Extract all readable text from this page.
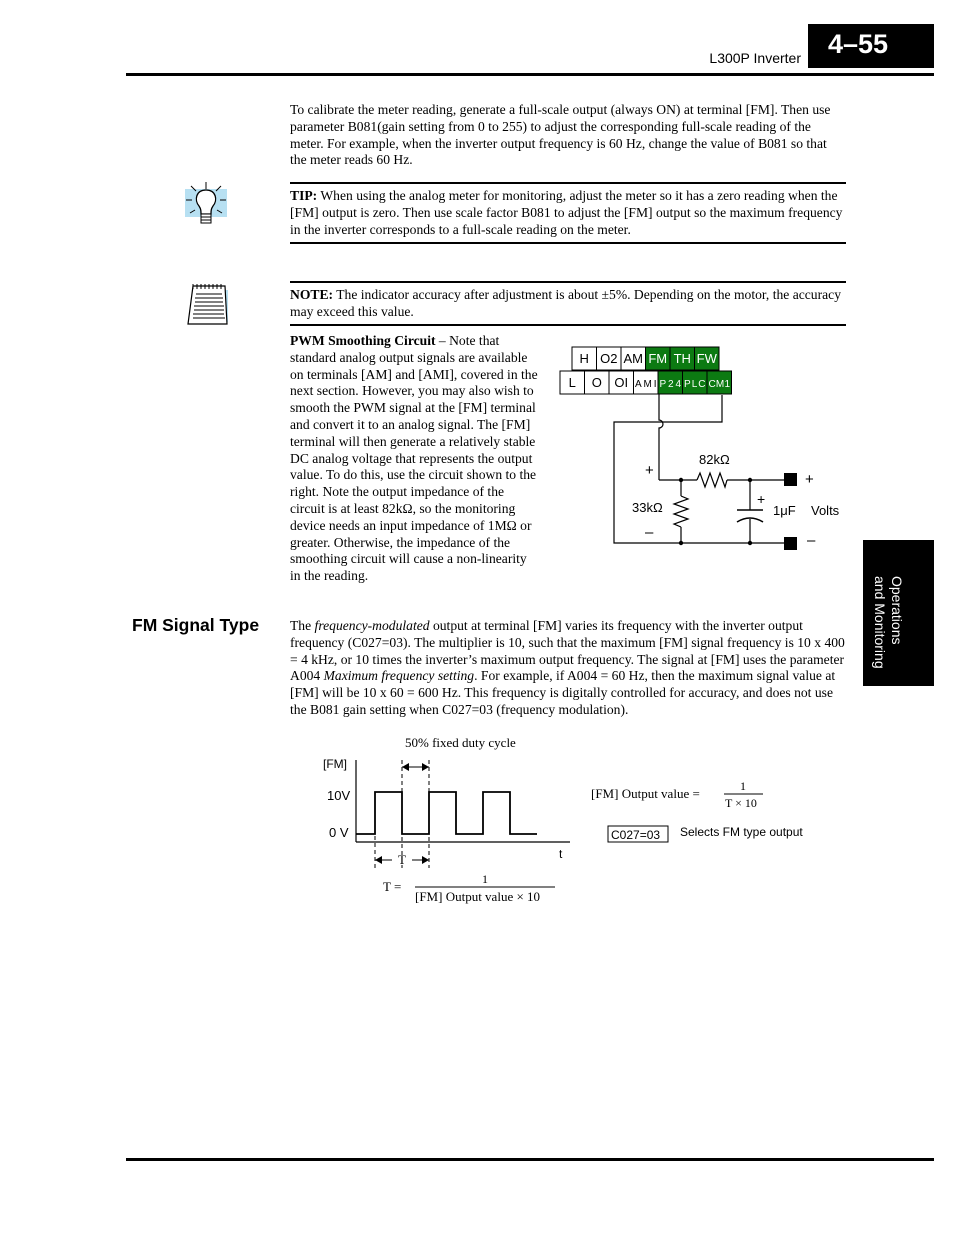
L300P Inverter	4–55
To calibrate the meter reading, generate a full-scale output (always ON) at terminal [FM]. Then use parameter B081(gain setting from 0 to 255) to adjust the corresponding full-scale reading of the meter. For example, when the inverter output frequency is 60 Hz, change the value of B081 so that the meter reads 60 Hz.
TIP: When using the analog meter for monitoring, adjust the meter so it has a zero reading when the [FM] output is zero. Then use scale factor B081 to adjust the [FM] output so the maximum frequency in the inverter corresponds to a full-scale reading on the meter.
NOTE: The indicator accuracy after adjustment is about ±5%. Depending on the motor, the accuracy may exceed this value.
PWM Smoothing Circuit – Note that standard analog output signals are available on terminals [AM] and [AMI], covered in the next section. However, you may also wish to smooth the PWM signal at the [FM] terminal and convert it to an analog signal. The [FM] terminal will then generate a relatively stable DC analog voltage that represents the output value. To do this, use the circuit shown to the right. Note the output impedance of the circuit is at least 82kΩ, so the monitoring device needs an input impedance of 1MΩ or greater. Otherwise, the impedance of the smoothing circuit will cause a non-linearity in the reading.
H O2 AM FM TH FW
L O OI AMI P24 PLC CM1
82kΩ
33kΩ	1μF
+
–
+
+
–
Volts
Operations
and Monitoring
FM Signal Type The frequency-modulated output at terminal [FM] varies its frequency with the inverter output frequency (C027=03). The multiplier is 10, such that the maximum [FM] signal frequency is 10 x 400 = 4 kHz, or 10 times the inverter’s maximum output frequency. The signal at [FM] uses the parameter A004 Maximum frequency setting. For example, if A004 = 60 Hz, then the maximum signal value at [FM] will be 10 x 60 = 600 Hz. This frequency is digitally controlled for accuracy, and does not use the B081 gain setting when C027=03 (frequency modulation).
50% fixed duty cycle
[FM]
10V
0 V
t
T
T =	1
[FM] Output value × 10
[FM] Output value =	1
T × 10
C027=03 Selects FM type output
